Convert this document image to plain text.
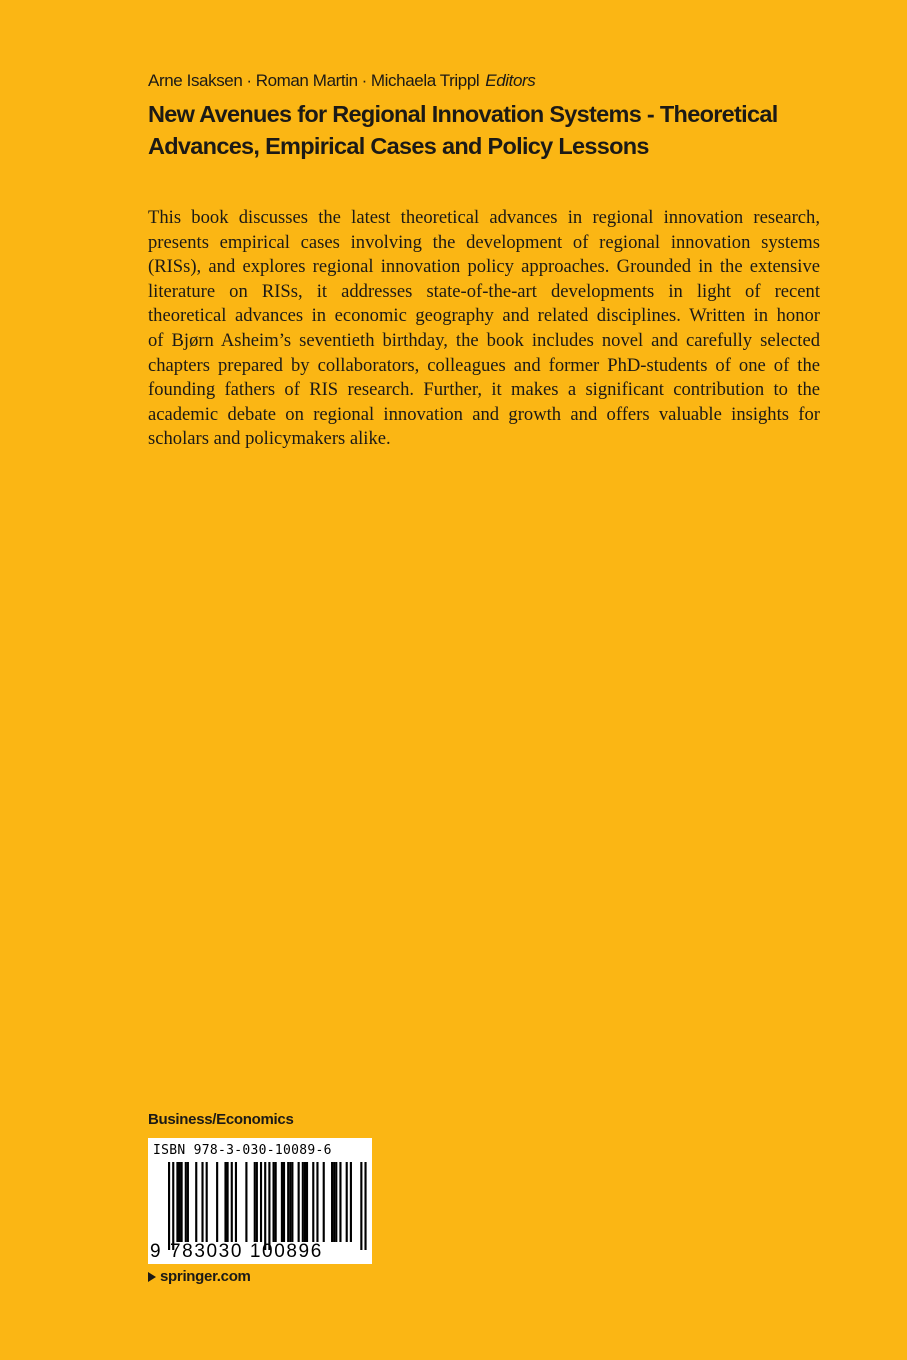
Arne Isaksen · Roman Martin · Michaela Trippl Editors
New Avenues for Regional Innovation Systems - Theoretical
Advances, Empirical Cases and Policy Lessons
This book discusses the latest theoretical advances in regional innovation research,
presents empirical cases involving the development of regional innovation systems
(RISs), and explores regional innovation policy approaches. Grounded in the extensive
literature on RISs, it addresses state-of-the-art developments in light of recent
theoretical advances in economic geography and related disciplines. Written in honor
of Bjørn Asheim’s seventieth birthday, the book includes novel and carefully selected
chapters prepared by collaborators, colleagues and former PhD-students of one of the
founding fathers of RIS research. Further, it makes a significant contribution to the
academic debate on regional innovation and growth and offers valuable insights for
scholars and policymakers alike.
Business/Economics
ISBN 978-3-030-10089-6
9 783030 100896
springer.com
